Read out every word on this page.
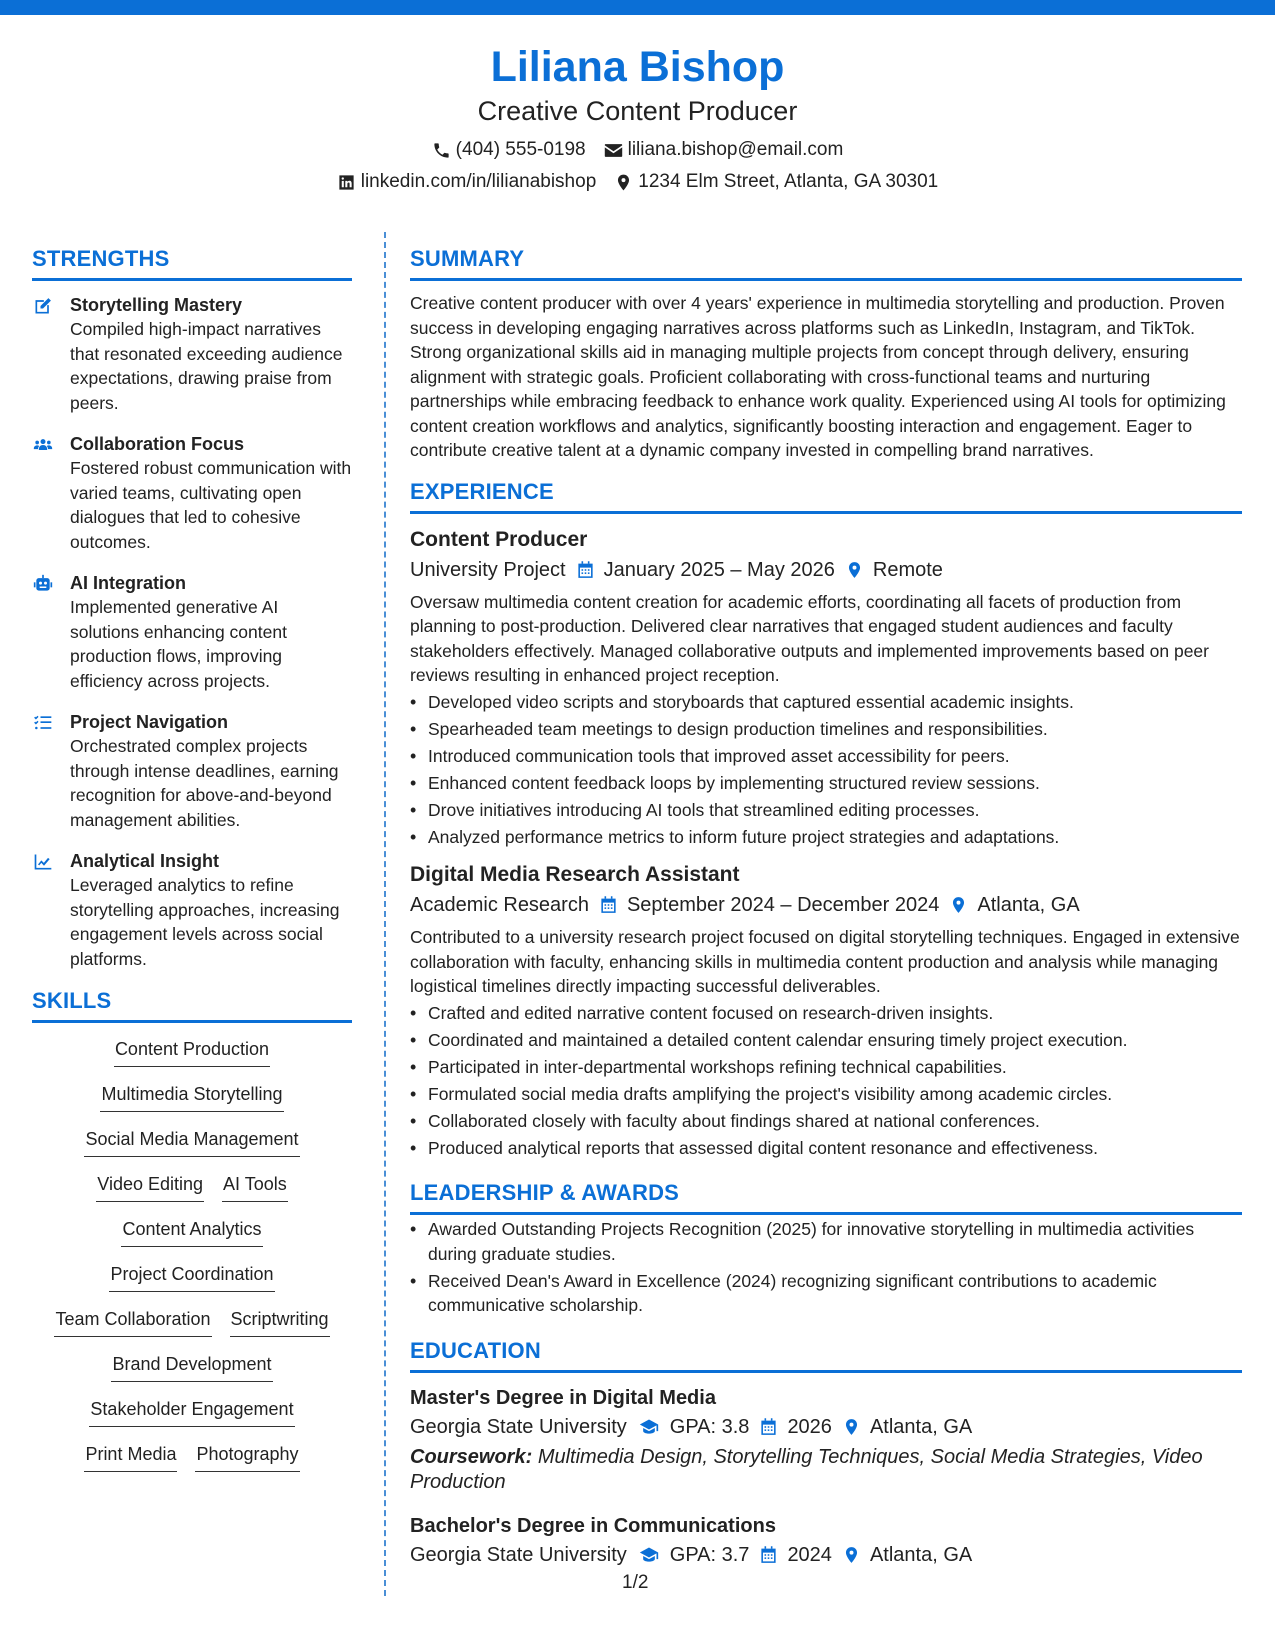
Liliana Bishop
Creative Content Producer
(404) 555-0198 liliana.bishop@email.com
linkedin.com/in/lilianabishop 1234 Elm Street, Atlanta, GA 30301
STRENGTHS
Storytelling Mastery
Compiled high-impact narratives that resonated exceeding audience expectations, drawing praise from peers.
Collaboration Focus
Fostered robust communication with varied teams, cultivating open dialogues that led to cohesive outcomes.
AI Integration
Implemented generative AI solutions enhancing content production flows, improving efficiency across projects.
Project Navigation
Orchestrated complex projects through intense deadlines, earning recognition for above-and-beyond management abilities.
Analytical Insight
Leveraged analytics to refine storytelling approaches, increasing engagement levels across social platforms.
SKILLS
Content Production
Multimedia Storytelling
Social Media Management
Video Editing AI Tools
Content Analytics
Project Coordination
Team Collaboration Scriptwriting
Brand Development
Stakeholder Engagement
Print Media Photography
SUMMARY
Creative content producer with over 4 years' experience in multimedia storytelling and production. Proven success in developing engaging narratives across platforms such as LinkedIn, Instagram, and TikTok. Strong organizational skills aid in managing multiple projects from concept through delivery, ensuring alignment with strategic goals. Proficient collaborating with cross-functional teams and nurturing partnerships while embracing feedback to enhance work quality. Experienced using AI tools for optimizing content creation workflows and analytics, significantly boosting interaction and engagement. Eager to contribute creative talent at a dynamic company invested in compelling brand narratives.
EXPERIENCE
Content Producer
University Project January 2025 – May 2026 Remote
Oversaw multimedia content creation for academic efforts, coordinating all facets of production from planning to post-production. Delivered clear narratives that engaged student audiences and faculty stakeholders effectively. Managed collaborative outputs and implemented improvements based on peer reviews resulting in enhanced project reception.
• Developed video scripts and storyboards that captured essential academic insights.
• Spearheaded team meetings to design production timelines and responsibilities.
• Introduced communication tools that improved asset accessibility for peers.
• Enhanced content feedback loops by implementing structured review sessions.
• Drove initiatives introducing AI tools that streamlined editing processes.
• Analyzed performance metrics to inform future project strategies and adaptations.
Digital Media Research Assistant
Academic Research September 2024 – December 2024 Atlanta, GA
Contributed to a university research project focused on digital storytelling techniques. Engaged in extensive collaboration with faculty, enhancing skills in multimedia content production and analysis while managing logistical timelines directly impacting successful deliverables.
• Crafted and edited narrative content focused on research-driven insights.
• Coordinated and maintained a detailed content calendar ensuring timely project execution.
• Participated in inter-departmental workshops refining technical capabilities.
• Formulated social media drafts amplifying the project's visibility among academic circles.
• Collaborated closely with faculty about findings shared at national conferences.
• Produced analytical reports that assessed digital content resonance and effectiveness.
LEADERSHIP & AWARDS
• Awarded Outstanding Projects Recognition (2025) for innovative storytelling in multimedia activities during graduate studies.
• Received Dean's Award in Excellence (2024) recognizing significant contributions to academic communicative scholarship.
EDUCATION
Master's Degree in Digital Media
Georgia State University GPA: 3.8 2026 Atlanta, GA
Coursework: Multimedia Design, Storytelling Techniques, Social Media Strategies, Video Production
Bachelor's Degree in Communications
Georgia State University GPA: 3.7 2024 Atlanta, GA
1/2
